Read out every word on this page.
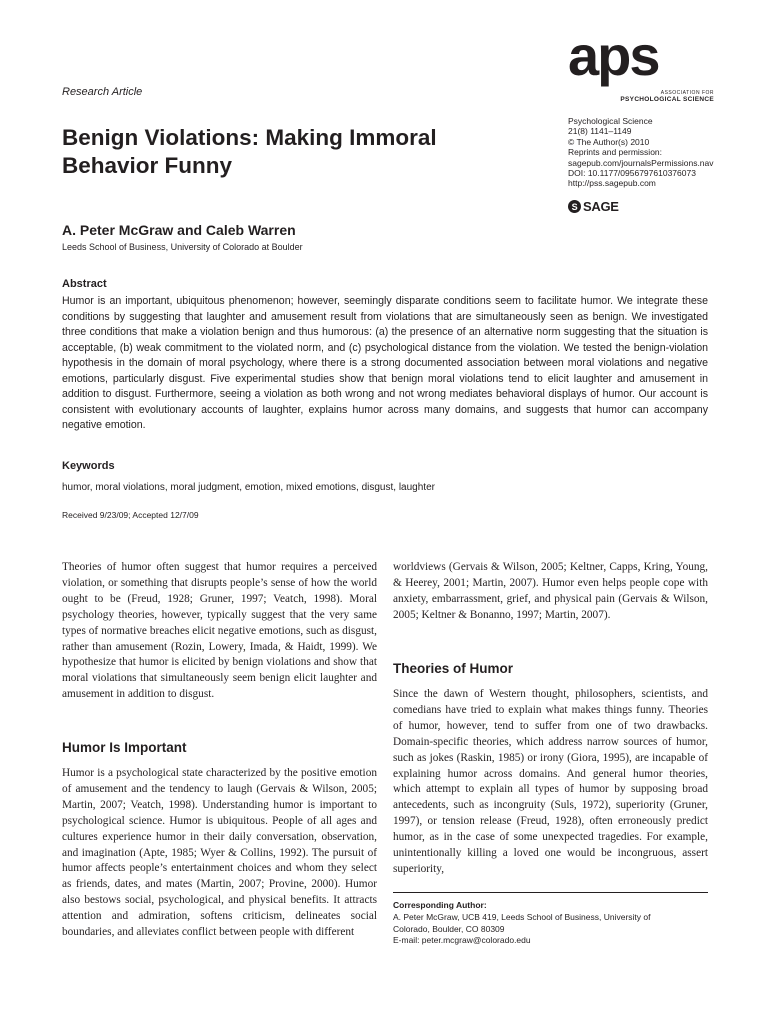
Research Article
aps
ASSOCIATION FOR
PSYCHOLOGICAL SCIENCE
Psychological Science
21(8) 1141–1149
© The Author(s) 2010
Reprints and permission:
sagepub.com/journalsPermissions.nav
DOI: 10.1177/0956797610376073
http://pss.sagepub.com
S SAGE
Benign Violations: Making Immoral Behavior Funny
A. Peter McGraw and Caleb Warren
Leeds School of Business, University of Colorado at Boulder
Abstract
Humor is an important, ubiquitous phenomenon; however, seemingly disparate conditions seem to facilitate humor. We integrate these conditions by suggesting that laughter and amusement result from violations that are simultaneously seen as benign. We investigated three conditions that make a violation benign and thus humorous: (a) the presence of an alternative norm suggesting that the situation is acceptable, (b) weak commitment to the violated norm, and (c) psychological distance from the violation. We tested the benign-violation hypothesis in the domain of moral psychology, where there is a strong documented association between moral violations and negative emotions, particularly disgust. Five experimental studies show that benign moral violations tend to elicit laughter and amusement in addition to disgust. Furthermore, seeing a violation as both wrong and not wrong mediates behavioral displays of humor. Our account is consistent with evolutionary accounts of laughter, explains humor across many domains, and suggests that humor can accompany negative emotion.
Keywords
humor, moral violations, moral judgment, emotion, mixed emotions, disgust, laughter
Received 9/23/09; Accepted 12/7/09

Theories of humor often suggest that humor requires a perceived violation, or something that disrupts people’s sense of how the world ought to be (Freud, 1928; Gruner, 1997; Veatch, 1998). Moral psychology theories, however, typically suggest that the very same types of normative breaches elicit negative emotions, such as disgust, rather than amusement (Rozin, Lowery, Imada, & Haidt, 1999). We hypothesize that humor is elicited by benign violations and show that moral violations that simultaneously seem benign elicit laughter and amusement in addition to disgust.

Humor Is Important

Humor is a psychological state characterized by the positive emotion of amusement and the tendency to laugh (Gervais & Wilson, 2005; Martin, 2007; Veatch, 1998). Understanding humor is important to psychological science. Humor is ubiquitous. People of all ages and cultures experience humor in their daily conversation, observation, and imagination (Apte, 1985; Wyer & Collins, 1992). The pursuit of humor affects people’s entertainment choices and whom they select as friends, dates, and mates (Martin, 2007; Provine, 2000). Humor also bestows social, psychological, and physical benefits. It attracts attention and admiration, softens criticism, delineates social boundaries, and alleviates conflict between people with different

worldviews (Gervais & Wilson, 2005; Keltner, Capps, Kring, Young, & Heerey, 2001; Martin, 2007). Humor even helps people cope with anxiety, embarrassment, grief, and physical pain (Gervais & Wilson, 2005; Keltner & Bonanno, 1997; Martin, 2007).

Theories of Humor

Since the dawn of Western thought, philosophers, scientists, and comedians have tried to explain what makes things funny. Theories of humor, however, tend to suffer from one of two drawbacks. Domain-specific theories, which address narrow sources of humor, such as jokes (Raskin, 1985) or irony (Giora, 1995), are incapable of explaining humor across domains. And general humor theories, which attempt to explain all types of humor by supposing broad antecedents, such as incongruity (Suls, 1972), superiority (Gruner, 1997), or tension release (Freud, 1928), often erroneously predict humor, as in the case of some unexpected tragedies. For example, unintentionally killing a loved one would be incongruous, assert superiority,

Corresponding Author:
A. Peter McGraw, UCB 419, Leeds School of Business, University of
Colorado, Boulder, CO 80309
E-mail: peter.mcgraw@colorado.edu
